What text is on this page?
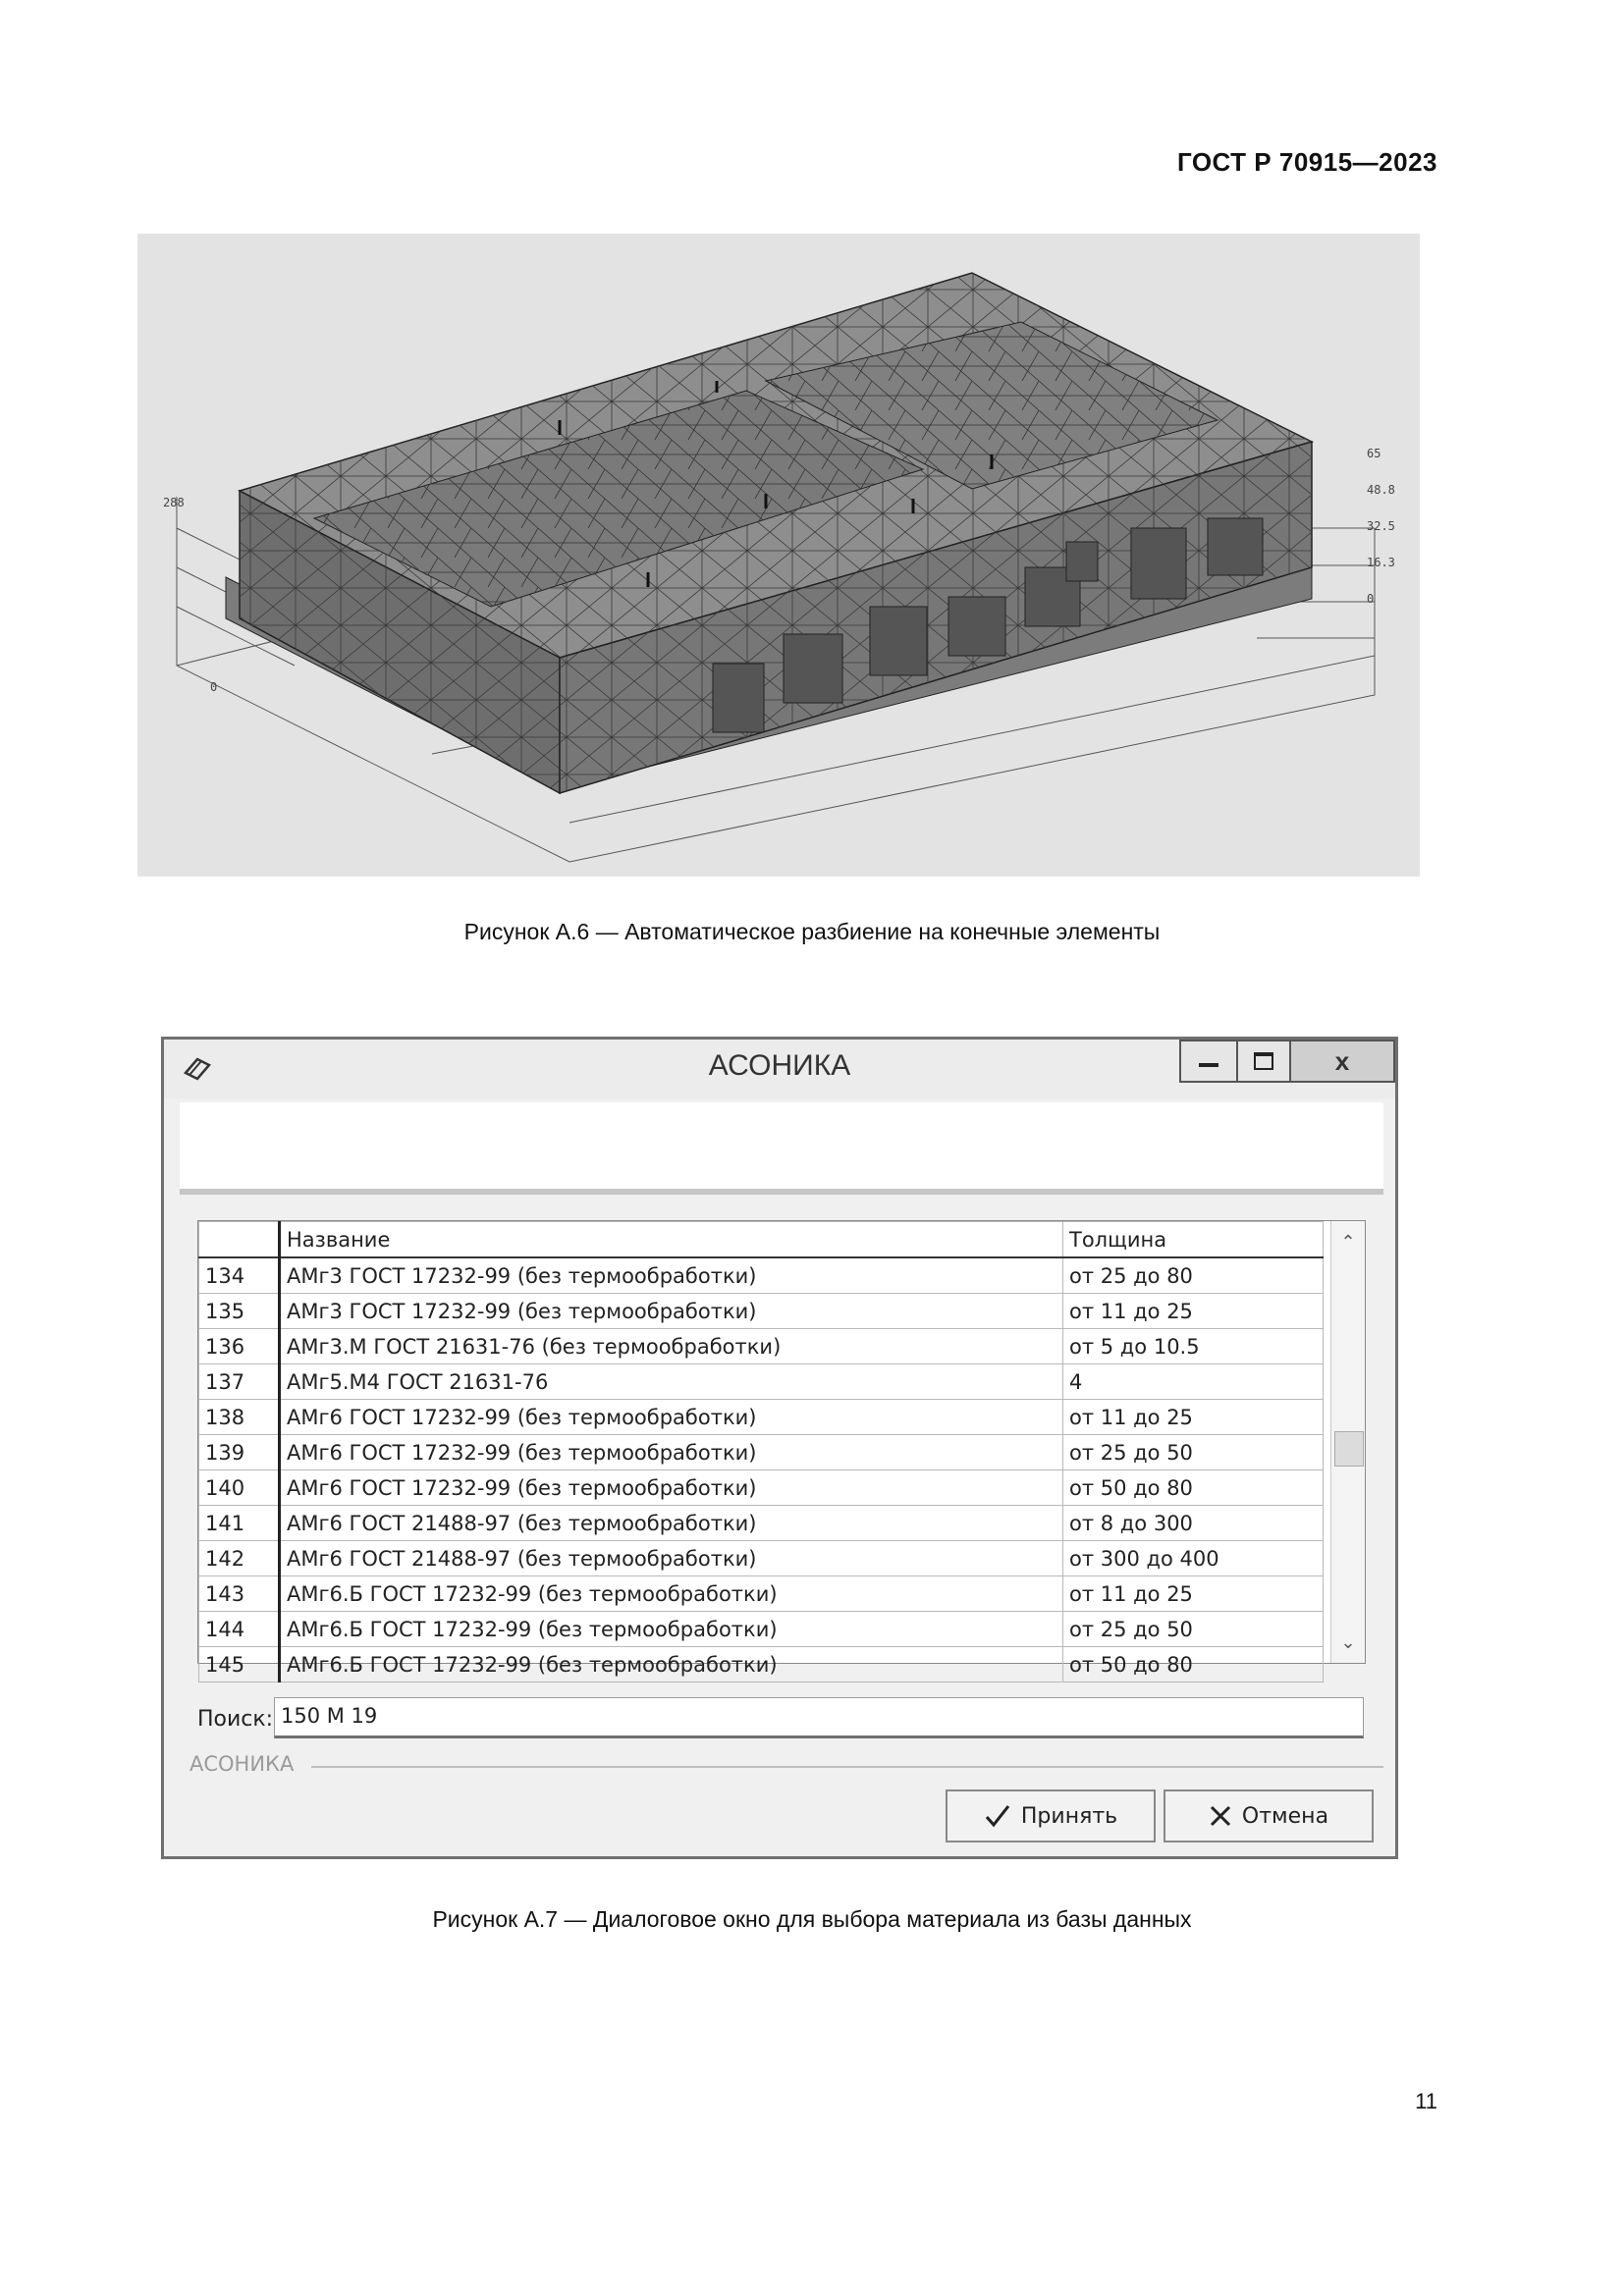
ГОСТ Р 70915—2023
288
0
65
48.8
32.5
16.3
0
Рисунок А.6 — Автоматическое разбиение на конечные элементы
АСОНИКА	x
	Название	Толщина
134	АМг3 ГОСТ 17232-99 (без термообработки)	от 25 до 80
135	АМг3 ГОСТ 17232-99 (без термообработки)	от 11 до 25
136	АМг3.М ГОСТ 21631-76 (без термообработки)	от 5 до 10.5
137	АМг5.М4 ГОСТ 21631-76	4
138	АМг6 ГОСТ 17232-99 (без термообработки)	от 11 до 25
139	АМг6 ГОСТ 17232-99 (без термообработки)	от 25 до 50
140	АМг6 ГОСТ 17232-99 (без термообработки)	от 50 до 80
141	АМг6 ГОСТ 21488-97 (без термообработки)	от 8 до 300
142	АМг6 ГОСТ 21488-97 (без термообработки)	от 300 до 400
143	АМг6.Б ГОСТ 17232-99 (без термообработки)	от 11 до 25
144	АМг6.Б ГОСТ 17232-99 (без термообработки)	от 25 до 50
145	АМг6.Б ГОСТ 17232-99 (без термообработки)	от 50 до 80
⌃
⌄
Поиск: 150 М 19
АСОНИКА
Принять	Отмена
Рисунок А.7 — Диалоговое окно для выбора материала из базы данных
11
